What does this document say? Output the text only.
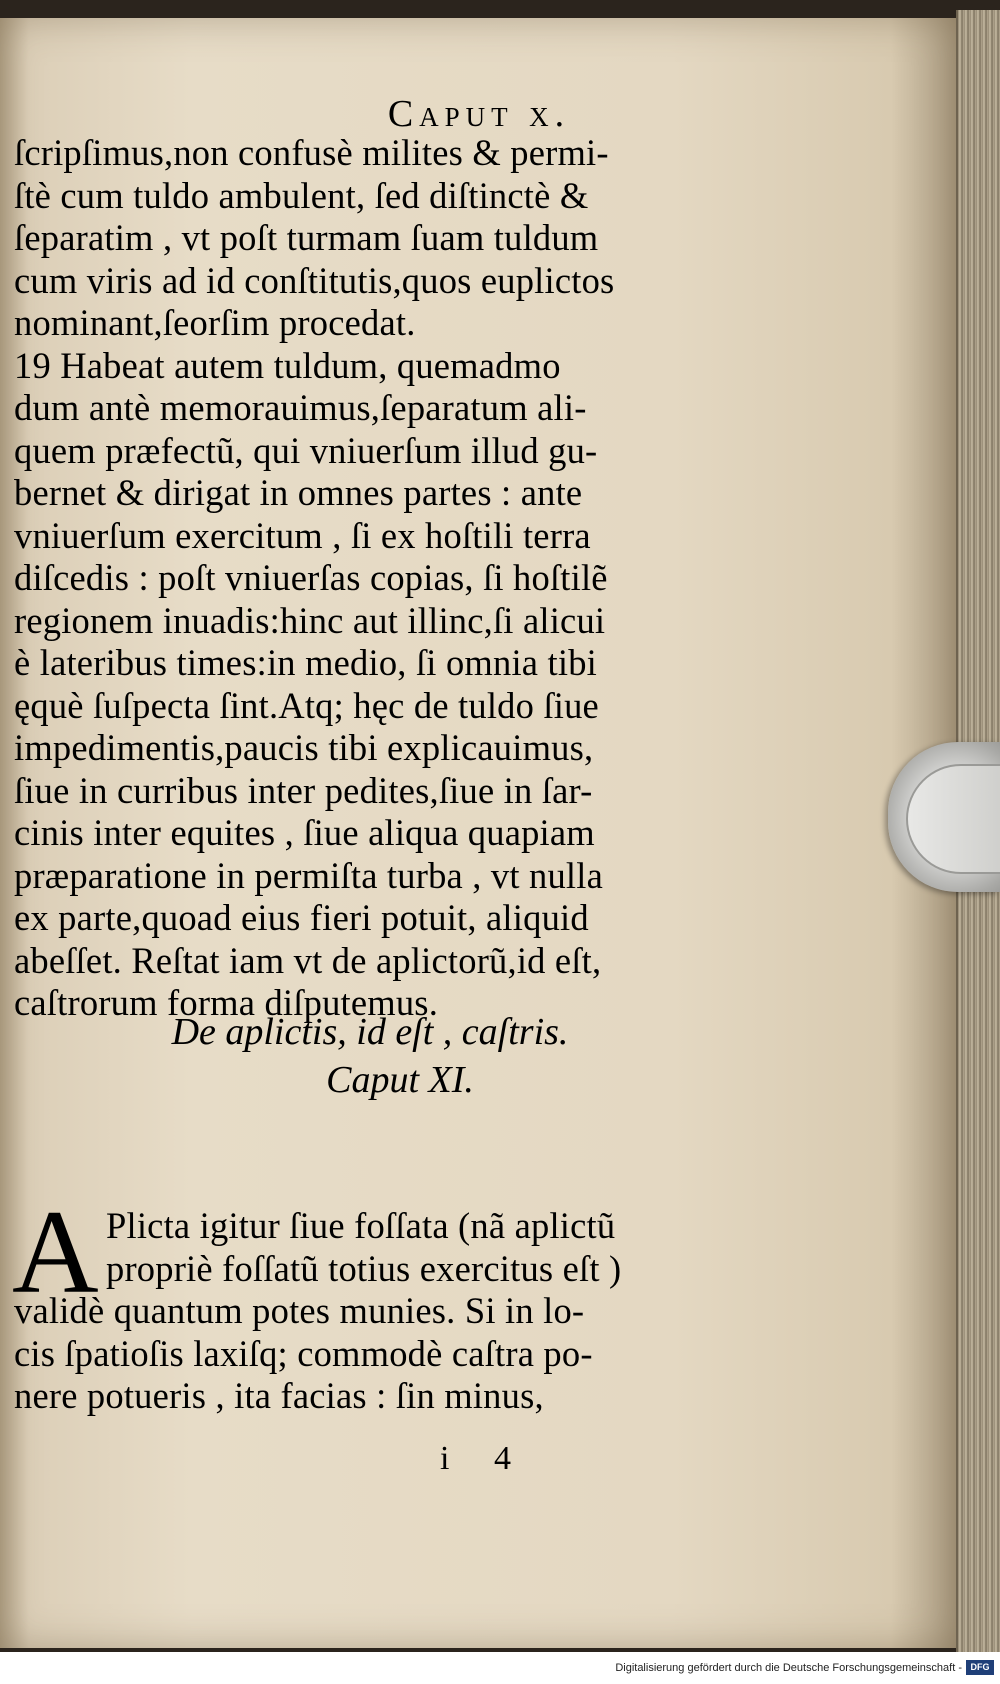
Caput x.
ſcripſimus,non confusè milites & permi-
ſtè cum tuldo ambulent, ſed diſtinctè &
ſeparatim , vt poſt turmam ſuam tuldum
cum viris ad id conſtitutis,quos euplictos
nominant,ſeorſim procedat.
19 Habeat autem tuldum, quemadmo
dum antè memorauimus,ſeparatum ali-
quem præfectũ, qui vniuerſum illud gu-
bernet & dirigat in omnes partes : ante
vniuerſum exercitum , ſi ex hoſtili terra
diſcedis : poſt vniuerſas copias, ſi hoſtilẽ
regionem inuadis:hinc aut illinc,ſi alicui
è lateribus times:in medio, ſi omnia tibi
ęquè ſuſpecta ſint.Atq; hęc de tuldo ſiue
impedimentis,paucis tibi explicauimus,
ſiue in curribus inter pedites,ſiue in ſar-
cinis inter equites , ſiue aliqua quapiam
præparatione in permiſta turba , vt nulla
ex parte,quoad eius fieri potuit, aliquid
abeſſet. Reſtat iam vt de aplictorũ,id eſt,
caſtrorum forma diſputemus.
De aplictis, id eſt , caſtris.
Caput XI.
A Plicta igitur ſiue foſſata (nã aplictũ
propriè foſſatũ totius exercitus eſt )
validè quantum potes munies. Si in lo-
cis ſpatioſis laxiſq; commodè caſtra po-
nere potueris , ita facias : ſin minus,
i 4
Digitalisierung gefördert durch die Deutsche Forschungsgemeinschaft - DFG
